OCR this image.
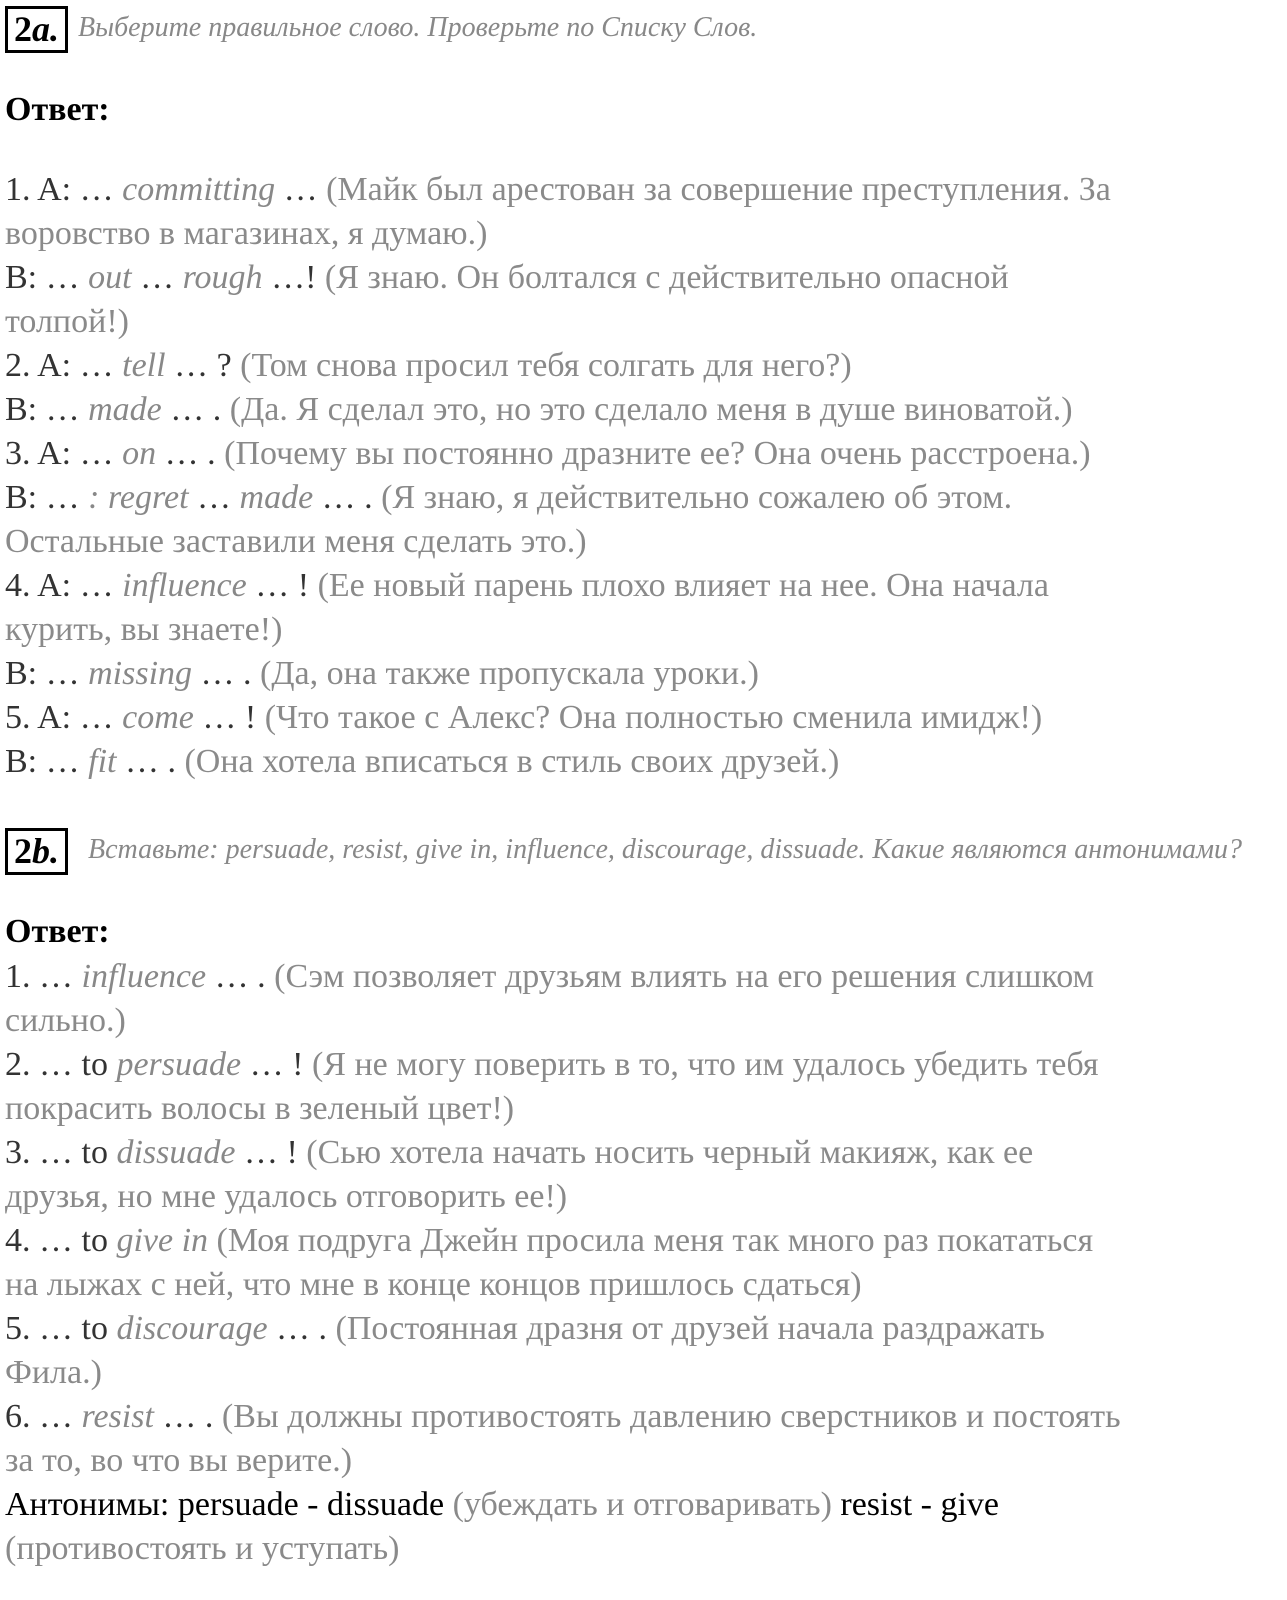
2a. Выберите правильное слово. Проверьте по Списку Слов.
Ответ:
1. A: … committing … (Майк был арестован за совершение преступления. За
воровство в магазинах, я думаю.)
B: … out … rough …! (Я знаю. Он болтался с действительно опасной
толпой!)
2. A: … tell … ? (Том снова просил тебя солгать для него?)
B: … made … . (Да. Я сделал это, но это сделало меня в душе виноватой.)
3. A: … on … . (Почему вы постоянно дразните ее? Она очень расстроена.)
B: … : regret … made … . (Я знаю, я действительно сожалею об этом.
Остальные заставили меня сделать это.)
4. A: … influence … ! (Ее новый парень плохо влияет на нее. Она начала
курить, вы знаете!)
B: … missing … . (Да, она также пропускала уроки.)
5. A: … come … ! (Что такое с Алекс? Она полностью сменила имидж!)
B: … fit … . (Она хотела вписаться в стиль своих друзей.)
2b.	Вставьте: persuade, resist, give in, influence, discourage, dissuade. Какие являются антонимами?
Ответ:
1. … influence … . (Сэм позволяет друзьям влиять на его решения слишком
сильно.)
2. … to persuade … ! (Я не могу поверить в то, что им удалось убедить тебя
покрасить волосы в зеленый цвет!)
3. … to dissuade … ! (Сью хотела начать носить черный макияж, как ее
друзья, но мне удалось отговорить ее!)
4. … to give in (Моя подруга Джейн просила меня так много раз покататься
на лыжах с ней, что мне в конце концов пришлось сдаться)
5. … to discourage … . (Постоянная дразня от друзей начала раздражать
Фила.)
6. … resist … . (Вы должны противостоять давлению сверстников и постоять
за то, во что вы верите.)
Антонимы: persuade - dissuade (убеждать и отговаривать) resist - give
(противостоять и уступать)
